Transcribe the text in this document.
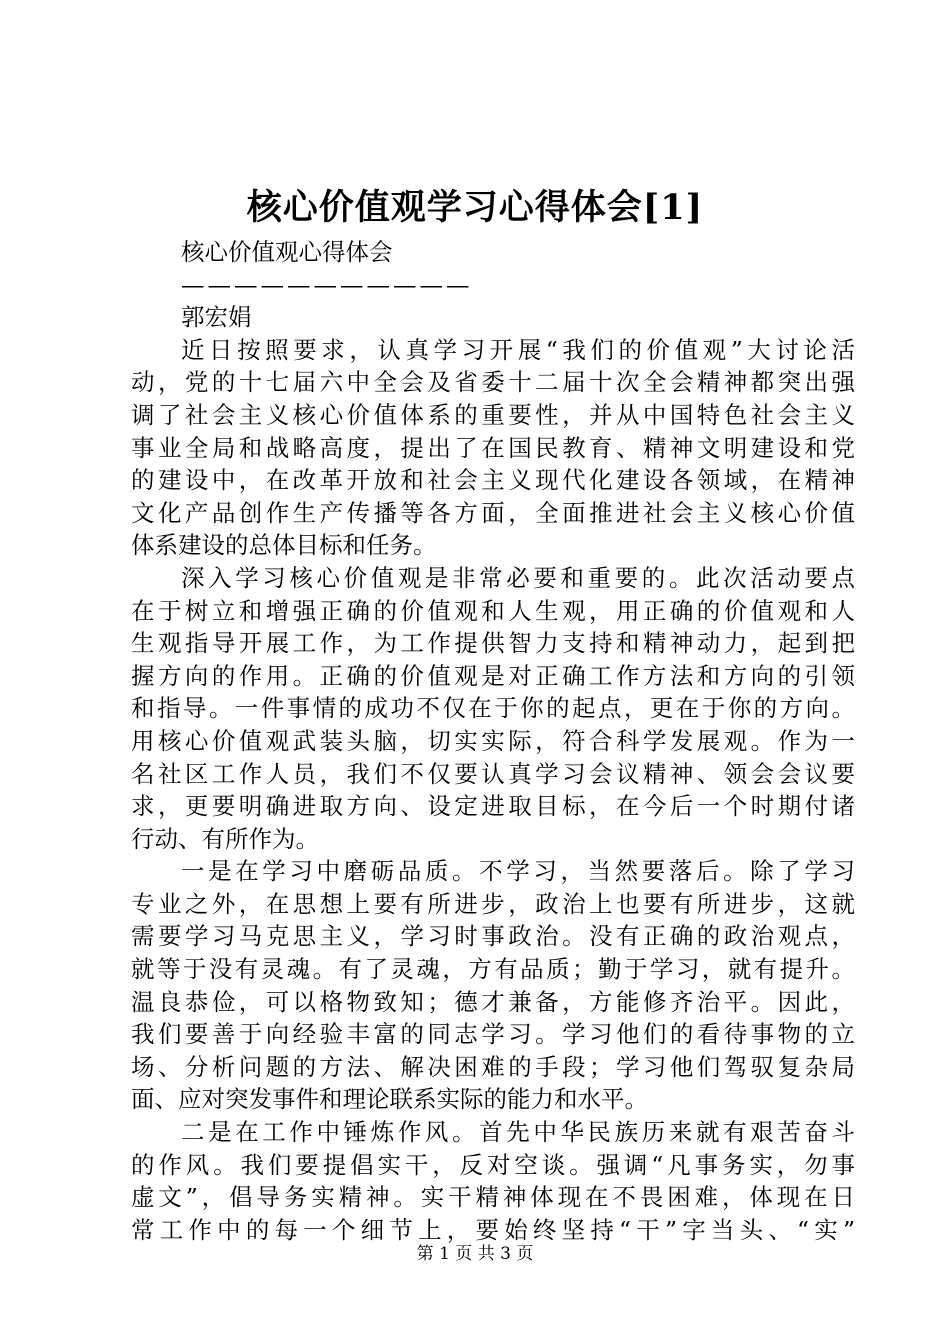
核心价值观学习心得体会[1]
核心价值观心得体会
———————————
郭宏娟
近日按照要求，认真学习开展“我们的价值观”大讨论活
动，党的十七届六中全会及省委十二届十次全会精神都突出强
调了社会主义核心价值体系的重要性，并从中国特色社会主义
事业全局和战略高度，提出了在国民教育、精神文明建设和党
的建设中，在改革开放和社会主义现代化建设各领域，在精神
文化产品创作生产传播等各方面，全面推进社会主义核心价值
体系建设的总体目标和任务。
深入学习核心价值观是非常必要和重要的。此次活动要点
在于树立和增强正确的价值观和人生观，用正确的价值观和人
生观指导开展工作，为工作提供智力支持和精神动力，起到把
握方向的作用。正确的价值观是对正确工作方法和方向的引领
和指导。一件事情的成功不仅在于你的起点，更在于你的方向。
用核心价值观武装头脑，切实实际，符合科学发展观。作为一
名社区工作人员，我们不仅要认真学习会议精神、领会会议要
求，更要明确进取方向、设定进取目标，在今后一个时期付诸
行动、有所作为。
一是在学习中磨砺品质。不学习，当然要落后。除了学习
专业之外，在思想上要有所进步，政治上也要有所进步，这就
需要学习马克思主义，学习时事政治。没有正确的政治观点，
就等于没有灵魂。有了灵魂，方有品质；勤于学习，就有提升。
温良恭俭，可以格物致知；德才兼备，方能修齐治平。因此，
我们要善于向经验丰富的同志学习。学习他们的看待事物的立
场、分析问题的方法、解决困难的手段；学习他们驾驭复杂局
面、应对突发事件和理论联系实际的能力和水平。
二是在工作中锤炼作风。首先中华民族历来就有艰苦奋斗
的作风。我们要提倡实干，反对空谈。强调“凡事务实，勿事
虚文”，倡导务实精神。实干精神体现在不畏困难，体现在日
常工作中的每一个细节上，要始终坚持“干”字当头、“实”
第 1 页 共 3 页
